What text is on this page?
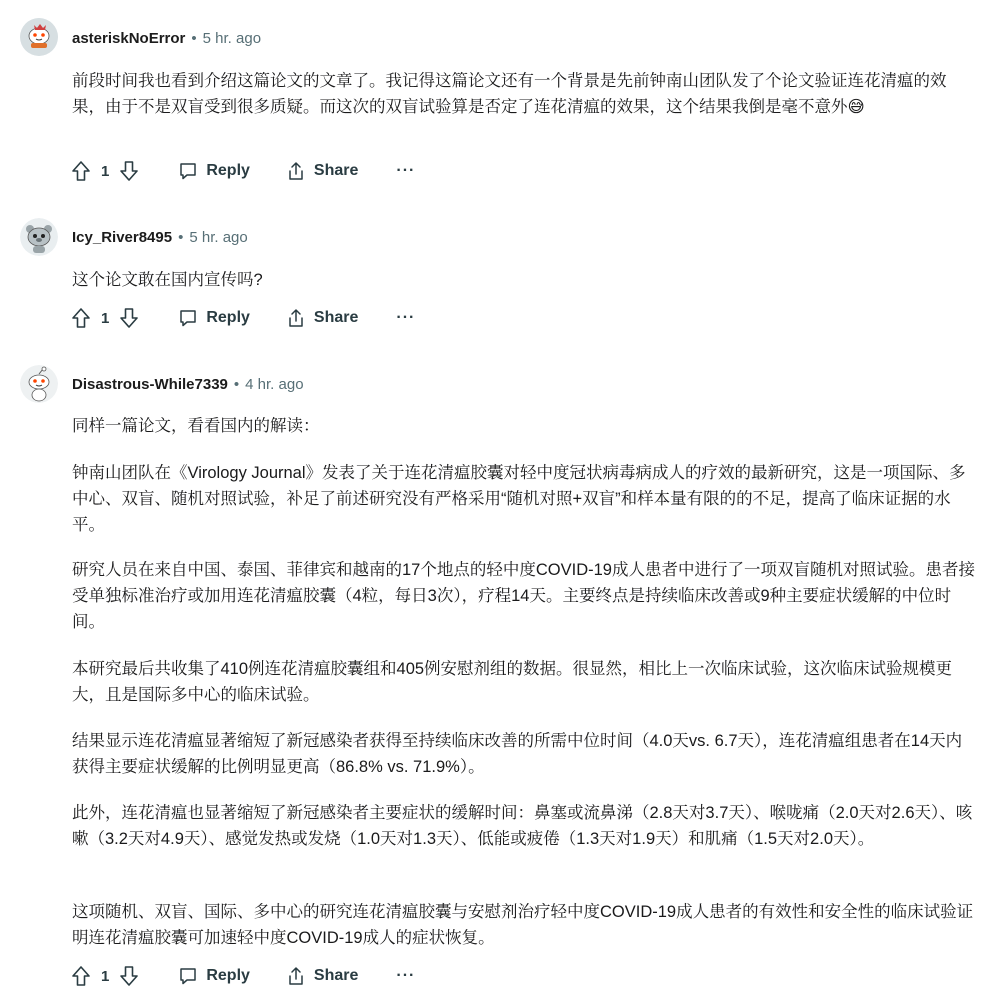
asteriskNoError • 5 hr. ago

前段时间我也看到介绍这篇论文的文章了。我记得这篇论文还有一个背景是先前钟南山团队发了个论文验证连花清瘟的效果，由于不是双盲受到很多质疑。而这次的双盲试验算是否定了连花清瘟的效果，这个结果我倒是毫不意外😅

1	Reply	Share ···
Icy_River8495 • 5 hr. ago

这个论文敢在国内宣传吗?

1	Reply	Share ···
Disastrous-While7339 • 4 hr. ago

同样一篇论文，看看国内的解读：

钟南山团队在《Virology Journal》发表了关于连花清瘟胶囊对轻中度冠状病毒病成人的疗效的最新研究，这是一项国际、多中心、双盲、随机对照试验，补足了前述研究没有严格采用“随机对照+双盲”和样本量有限的的不足，提高了临床证据的水平。

研究人员在来自中国、泰国、菲律宾和越南的17个地点的轻中度COVID-19成人患者中进行了一项双盲随机对照试验。患者接受单独标准治疗或加用连花清瘟胶囊（4粒，每日3次），疗程14天。主要终点是持续临床改善或9种主要症状缓解的中位时间。

本研究最后共收集了410例连花清瘟胶囊组和405例安慰剂组的数据。很显然，相比上一次临床试验，这次临床试验规模更大，且是国际多中心的临床试验。

结果显示连花清瘟显著缩短了新冠感染者获得至持续临床改善的所需中位时间（4.0天vs. 6.7天），连花清瘟组患者在14天内获得主要症状缓解的比例明显更高（86.8% vs. 71.9%）。

此外，连花清瘟也显著缩短了新冠感染者主要症状的缓解时间：鼻塞或流鼻涕（2.8天对3.7天）、喉咙痛（2.0天对2.6天）、咳嗽（3.2天对4.9天）、感觉发热或发烧（1.0天对1.3天）、低能或疲倦（1.3天对1.9天）和肌痛（1.5天对2.0天）。

这项随机、双盲、国际、多中心的研究连花清瘟胶囊与安慰剂治疗轻中度COVID-19成人患者的有效性和安全性的临床试验证明连花清瘟胶囊可加速轻中度COVID-19成人的症状恢复。

1	Reply	Share ···
